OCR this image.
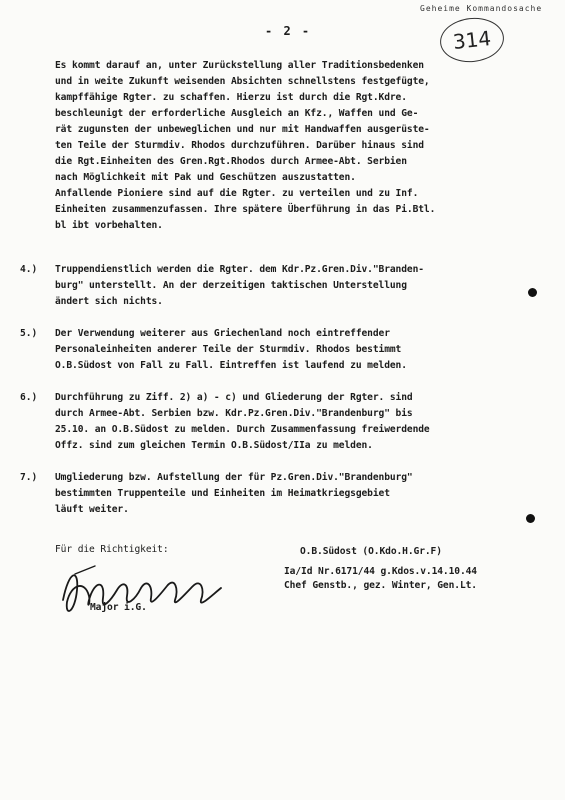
Geheime Kommandosache
- 2 -	314
Es kommt darauf an, unter Zurückstellung aller Traditionsbedenken
und in weite Zukunft weisenden Absichten schnellstens festgefügte,
kampffähige Rgter. zu schaffen. Hierzu ist durch die Rgt.Kdre.
beschleunigt der erforderliche Ausgleich an Kfz., Waffen und Ge-
rät zugunsten der unbeweglichen und nur mit Handwaffen ausgerüste-
ten Teile der Sturmdiv. Rhodos durchzuführen. Darüber hinaus sind
die Rgt.Einheiten des Gren.Rgt.Rhodos durch Armee-Abt. Serbien
nach Möglichkeit mit Pak und Geschützen auszustatten.
Anfallende Pioniere sind auf die Rgter. zu verteilen und zu Inf.
Einheiten zusammenzufassen. Ihre spätere Überführung in das Pi.Btl.
bl ibt vorbehalten.
4.) Truppendienstlich werden die Rgter. dem Kdr.Pz.Gren.Div."Branden-
burg" unterstellt. An der derzeitigen taktischen Unterstellung
ändert sich nichts.
5.) Der Verwendung weiterer aus Griechenland noch eintreffender
Personaleinheiten anderer Teile der Sturmdiv. Rhodos bestimmt
O.B.Südost von Fall zu Fall. Eintreffen ist laufend zu melden.
6.) Durchführung zu Ziff. 2) a) - c) und Gliederung der Rgter. sind
durch Armee-Abt. Serbien bzw. Kdr.Pz.Gren.Div."Brandenburg" bis
25.10. an O.B.Südost zu melden. Durch Zusammenfassung freiwerdende
Offz. sind zum gleichen Termin O.B.Südost/IIa zu melden.
7.) Umgliederung bzw. Aufstellung der für Pz.Gren.Div."Brandenburg"
bestimmten Truppenteile und Einheiten im Heimatkriegsgebiet
läuft weiter.
Für die Richtigkeit:
Major i.G.
O.B.Südost (O.Kdo.H.Gr.F)
Ia/Id Nr.6171/44 g.Kdos.v.14.10.44
Chef Genstb., gez. Winter, Gen.Lt.
